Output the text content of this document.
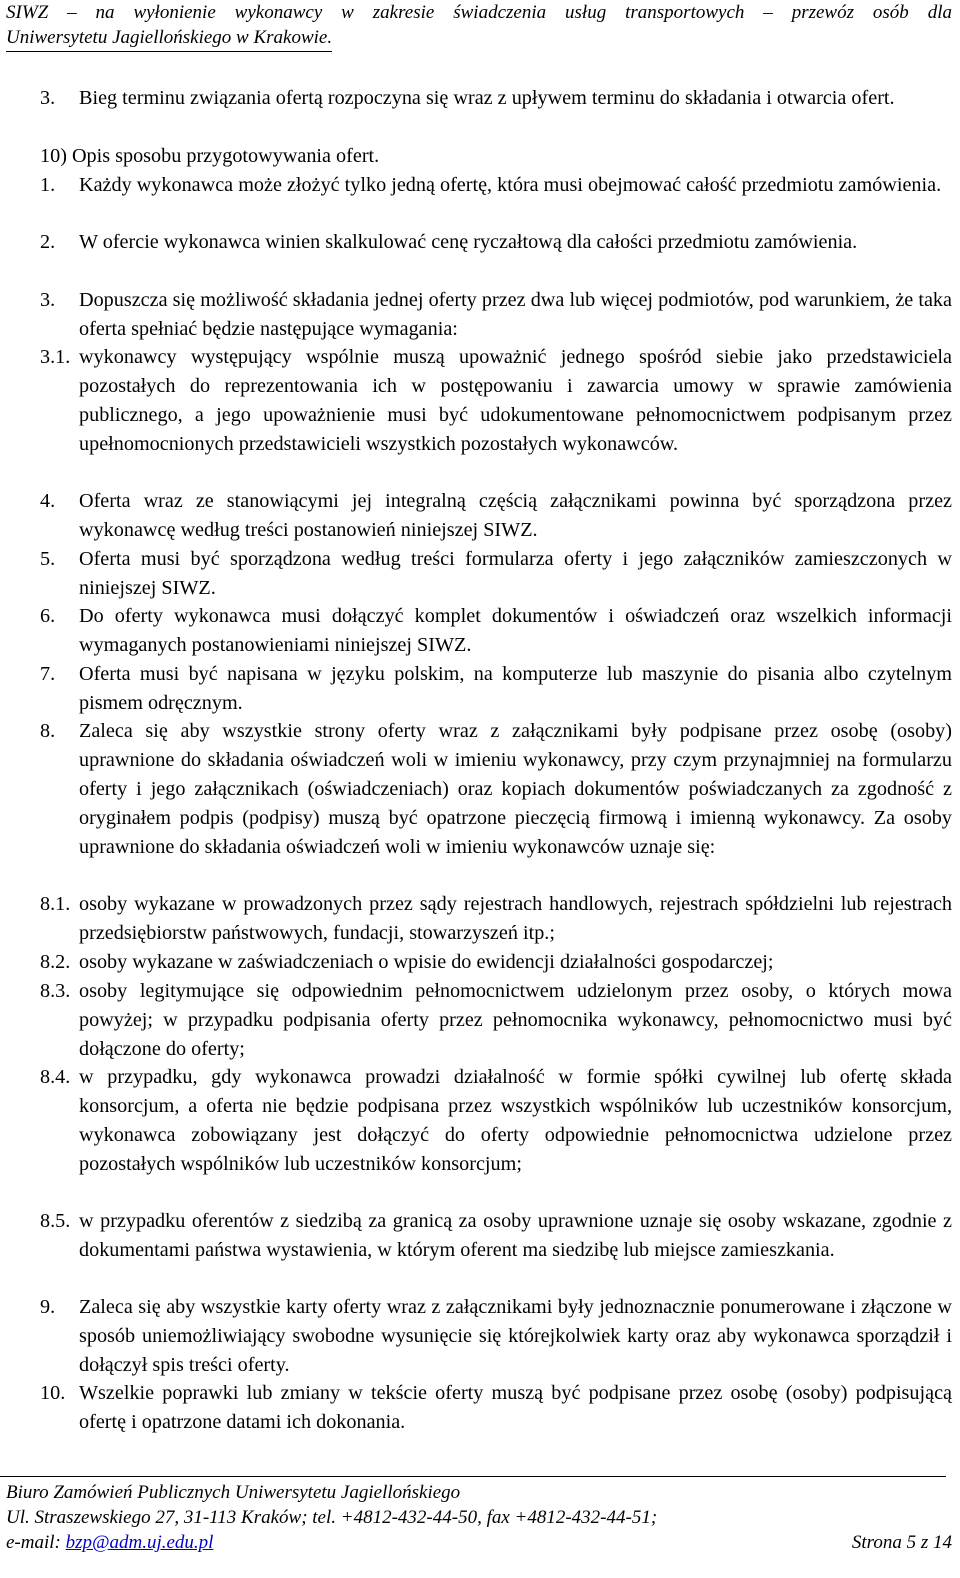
SIWZ – na wyłonienie wykonawcy w zakresie świadczenia usług transportowych – przewóz osób dla
Uniwersytetu Jagiellońskiego w Krakowie.
3. Bieg terminu związania ofertą rozpoczyna się wraz z upływem terminu do składania i otwarcia ofert.
10) Opis sposobu przygotowywania ofert.
1. Każdy wykonawca może złożyć tylko jedną ofertę, która musi obejmować całość przedmiotu zamówienia.
2. W ofercie wykonawca winien skalkulować cenę ryczałtową dla całości przedmiotu zamówienia.
3. Dopuszcza się możliwość składania jednej oferty przez dwa lub więcej podmiotów, pod warunkiem, że taka oferta spełniać będzie następujące wymagania:
3.1. wykonawcy występujący wspólnie muszą upoważnić jednego spośród siebie jako przedstawiciela pozostałych do reprezentowania ich w postępowaniu i zawarcia umowy w sprawie zamówienia publicznego, a jego upoważnienie musi być udokumentowane pełnomocnictwem podpisanym przez upełnomocnionych przedstawicieli wszystkich pozostałych wykonawców.
4. Oferta wraz ze stanowiącymi jej integralną częścią załącznikami powinna być sporządzona przez wykonawcę według treści postanowień niniejszej SIWZ.
5. Oferta musi być sporządzona według treści formularza oferty i jego załączników zamieszczonych w niniejszej SIWZ.
6. Do oferty wykonawca musi dołączyć komplet dokumentów i oświadczeń oraz wszelkich informacji wymaganych postanowieniami niniejszej SIWZ.
7. Oferta musi być napisana w języku polskim, na komputerze lub maszynie do pisania albo czytelnym pismem odręcznym.
8. Zaleca się aby wszystkie strony oferty wraz z załącznikami były podpisane przez osobę (osoby) uprawnione do składania oświadczeń woli w imieniu wykonawcy, przy czym przynajmniej na formularzu oferty i jego załącznikach (oświadczeniach) oraz kopiach dokumentów poświadczanych za zgodność z oryginałem podpis (podpisy) muszą być opatrzone pieczęcią firmową i imienną wykonawcy. Za osoby uprawnione do składania oświadczeń woli w imieniu wykonawców uznaje się:
8.1. osoby wykazane w prowadzonych przez sądy rejestrach handlowych, rejestrach spółdzielni lub rejestrach przedsiębiorstw państwowych, fundacji, stowarzyszeń itp.;
8.2. osoby wykazane w zaświadczeniach o wpisie do ewidencji działalności gospodarczej;
8.3. osoby legitymujące się odpowiednim pełnomocnictwem udzielonym przez osoby, o których mowa powyżej; w przypadku podpisania oferty przez pełnomocnika wykonawcy, pełnomocnictwo musi być dołączone do oferty;
8.4. w przypadku, gdy wykonawca prowadzi działalność w formie spółki cywilnej lub ofertę składa konsorcjum, a oferta nie będzie podpisana przez wszystkich wspólników lub uczestników konsorcjum, wykonawca zobowiązany jest dołączyć do oferty odpowiednie pełnomocnictwa udzielone przez pozostałych wspólników lub uczestników konsorcjum;
8.5. w przypadku oferentów z siedzibą za granicą za osoby uprawnione uznaje się osoby wskazane, zgodnie z dokumentami państwa wystawienia, w którym oferent ma siedzibę lub miejsce zamieszkania.
9. Zaleca się aby wszystkie karty oferty wraz z załącznikami były jednoznacznie ponumerowane i złączone w sposób uniemożliwiający swobodne wysunięcie się którejkolwiek karty oraz aby wykonawca sporządził i dołączył spis treści oferty.
10. Wszelkie poprawki lub zmiany w tekście oferty muszą być podpisane przez osobę (osoby) podpisującą ofertę i opatrzone datami ich dokonania.
Biuro Zamówień Publicznych Uniwersytetu Jagiellońskiego
Ul. Straszewskiego 27, 31-113 Kraków; tel. +4812-432-44-50, fax +4812-432-44-51;
e-mail: bzp@adm.uj.edu.pl	Strona 5 z 14
